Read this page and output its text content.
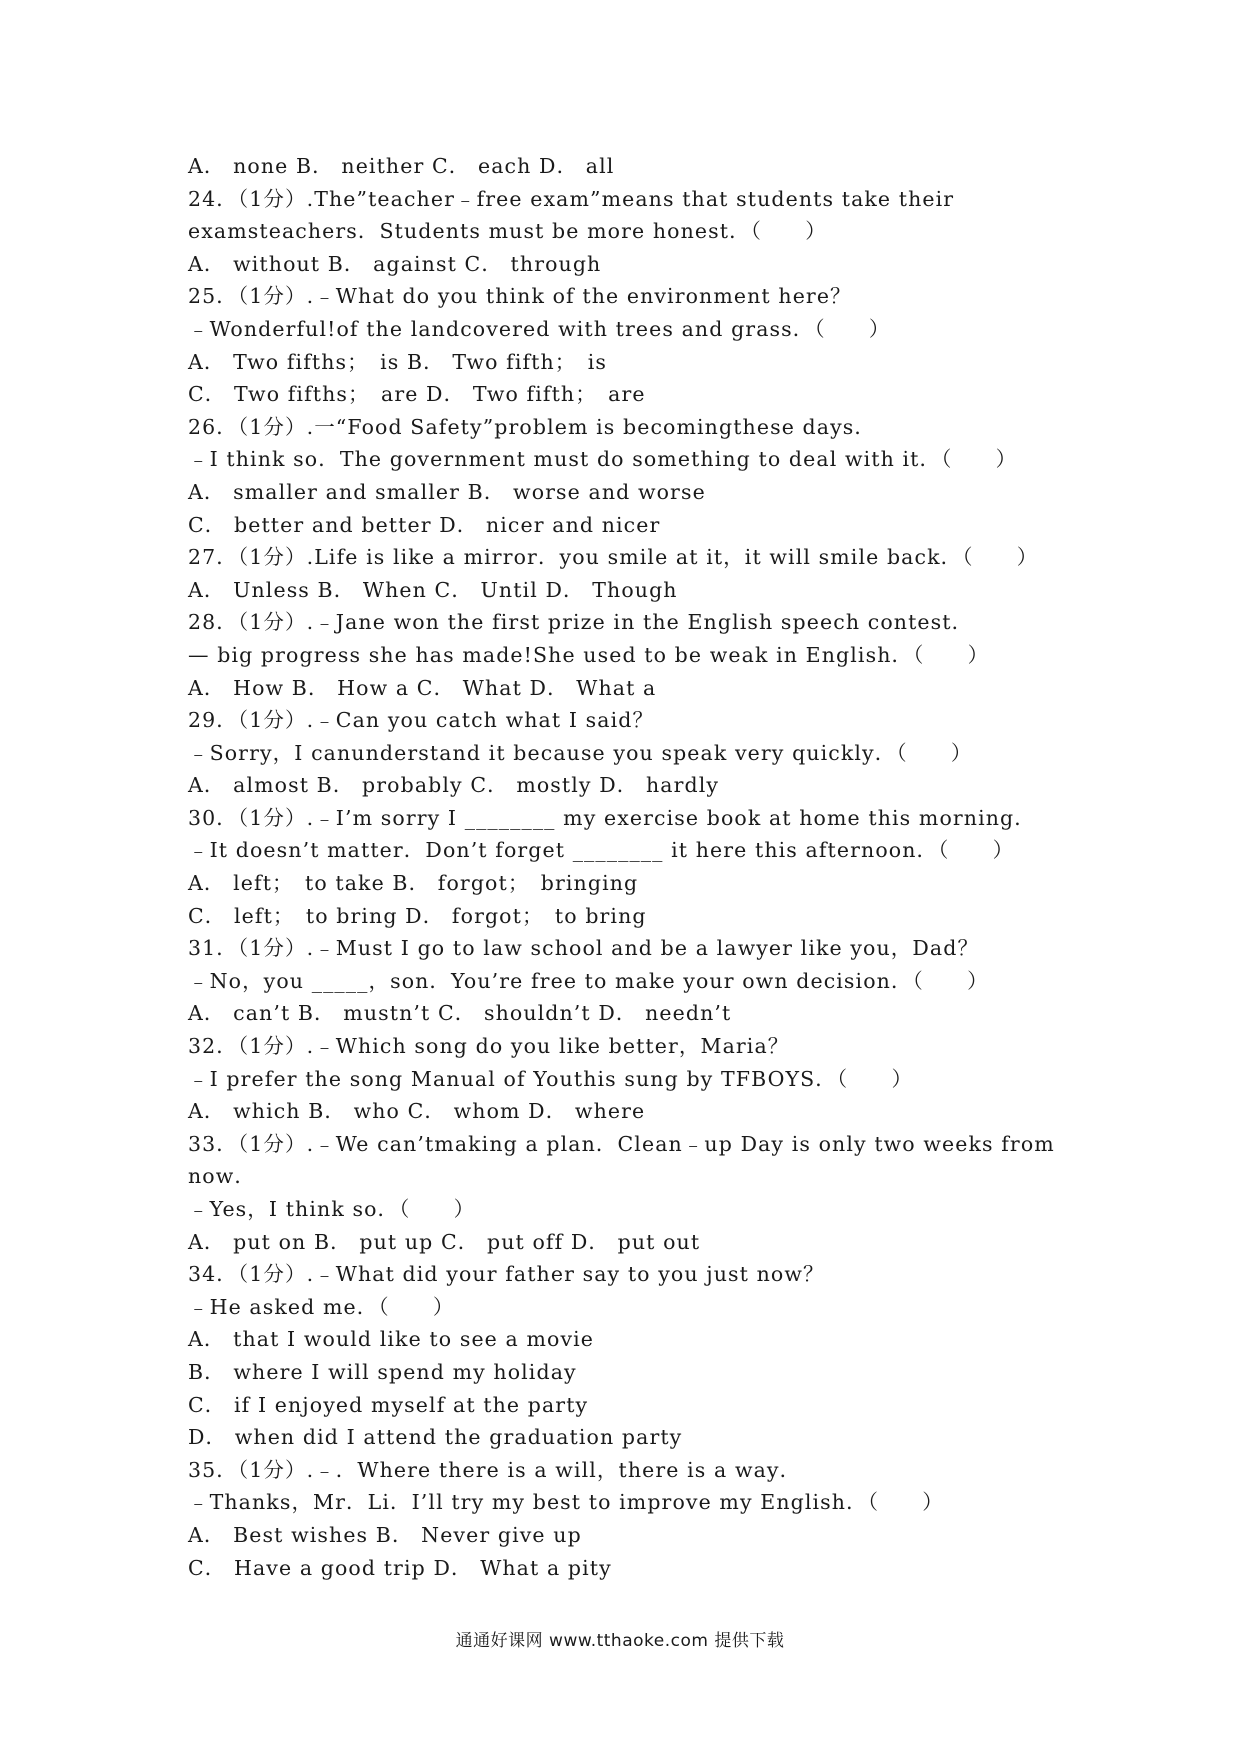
A． none B． neither C． each D． all
24．（1分）.The”teacher﹣free exam”means that students take their
examsteachers．Students must be more honest．（　　）
A． without B． against C． through
25．（1分）.﹣What do you think of the environment here？
﹣Wonderful!of the landcovered with trees and grass．（　　）
A． Two fifths；　is B． Two fifth；　is
C． Two fifths；　are D． Two fifth；　are
26．（1分）.一“Food Safety”problem is becomingthese days．
﹣I think so．The government must do something to deal with it．（　　）
A． smaller and smaller B． worse and worse
C． better and better D． nicer and nicer
27．（1分）.Life is like a mirror．you smile at it，it will smile back．（　　）
A． Unless B． When C． Until D． Though
28．（1分）.﹣Jane won the first prize in the English speech contest．
— big progress she has made!She used to be weak in English．（　　）
A． How B． How a C． What D． What a
29．（1分）.﹣Can you catch what I said？
﹣Sorry，I canunderstand it because you speak very quickly．（　　）
A． almost B． probably C． mostly D． hardly
30．（1分）.﹣I’m sorry I ________ my exercise book at home this morning．
﹣It doesn’t matter．Don’t forget ________ it here this afternoon．（　　）
A． left；　to take B． forgot；　bringing
C． left；　to bring D． forgot；　to bring
31．（1分）.﹣Must I go to law school and be a lawyer like you，Dad？
﹣No，you _____，son．You’re free to make your own decision．（　　）
A． can’t B． mustn’t C． shouldn’t D． needn’t
32．（1分）.﹣Which song do you like better，Maria？
﹣I prefer the song Manual of Youthis sung by TFBOYS．（　　）
A． which B． who C． whom D． where
33．（1分）.﹣We can’tmaking a plan．Clean﹣up Day is only two weeks from
now．
﹣Yes，I think so．（　　）
A． put on B． put up C． put off D． put out
34．（1分）.﹣What did your father say to you just now？
﹣He asked me．（　　）
A． that I would like to see a movie
B． where I will spend my holiday
C． if I enjoyed myself at the party
D． when did I attend the graduation party
35．（1分）.﹣．Where there is a will，there is a way．
﹣Thanks，Mr．Li．I’ll try my best to improve my English．（　　）
A． Best wishes B． Never give up
C． Have a good trip D． What a pity
通通好课网 www.tthaoke.com 提供下载
